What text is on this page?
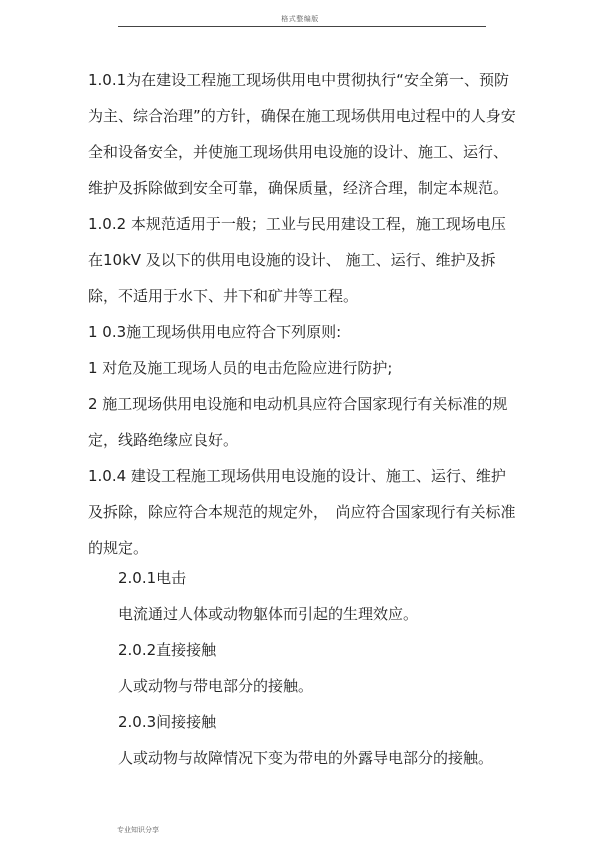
格式整编版

1.0.1为在建设工程施工现场供用电中贯彻执行“安全第一、预防为主、综合治理”的方针，确保在施工现场供用电过程中的人身安全和设备安全，并使施工现场供用电设施的设计、施工、运行、维护及拆除做到安全可靠，确保质量，经济合理，制定本规范。

1.0.2 本规范适用于一般；工业与民用建设工程，施工现场电压在10kV 及以下的供用电设施的设计、 施工、运行、维护及拆除，不适用于水下、井下和矿井等工程。

1 0.3施工现场供用电应符合下列原则:

1 对危及施工现场人员的电击危险应进行防护;

2 施工现场供用电设施和电动机具应符合国家现行有关标准的规定，线路绝缘应良好。

1.0.4 建设工程施工现场供用电设施的设计、施工、运行、维护及拆除，除应符合本规范的规定外，　尚应符合国家现行有关标准的规定。

2.0.1电击

电流通过人体或动物躯体而引起的生理效应。

2.0.2直接接触

人或动物与带电部分的接触。

2.0.3间接接触

人或动物与故障情况下变为带电的外露导电部分的接触。

专业知识分享
